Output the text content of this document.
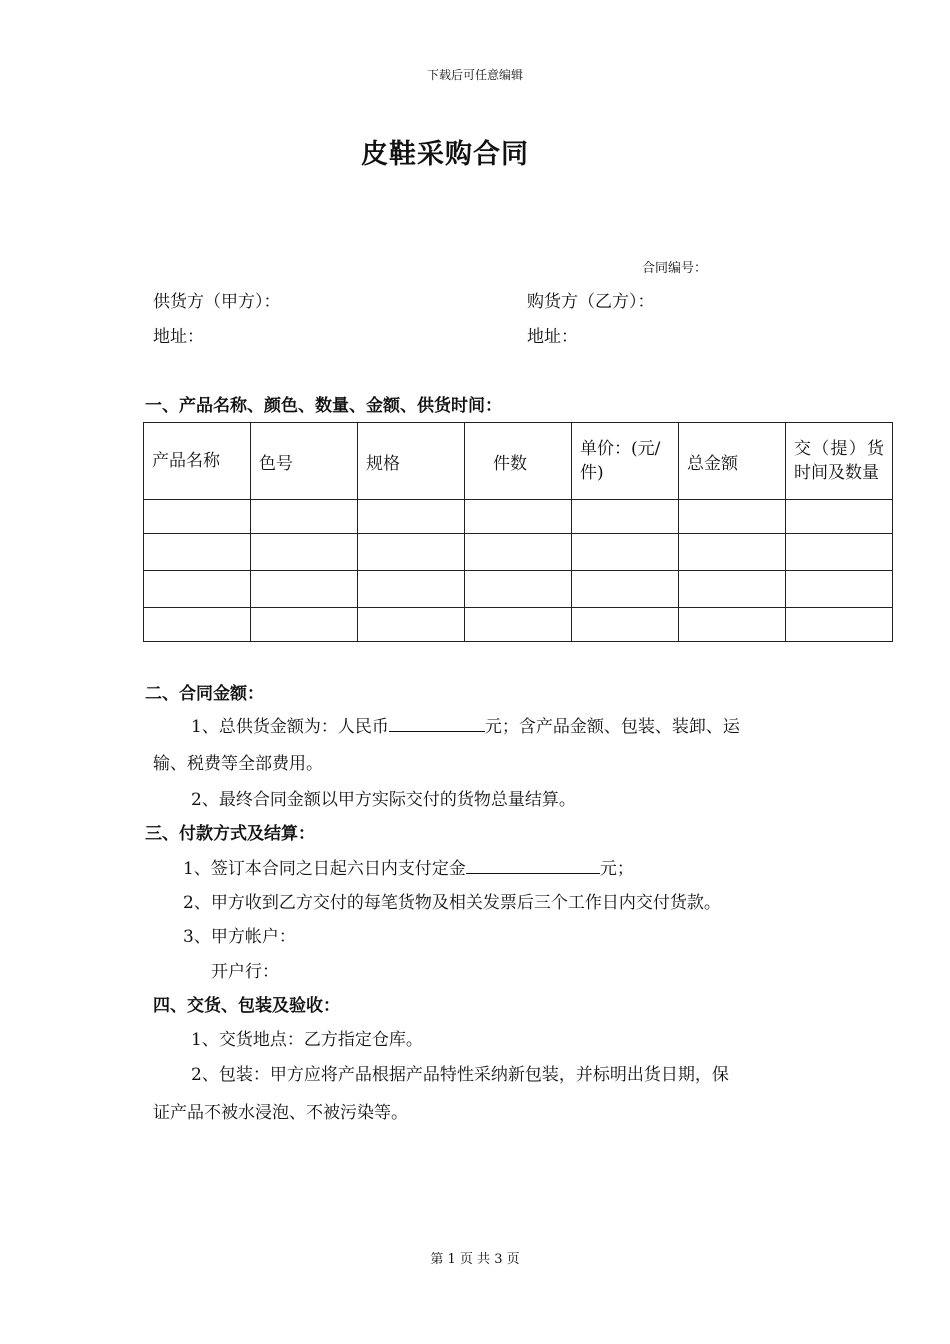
下载后可任意编辑
皮鞋采购合同
合同编号：
供货方（甲方）：	购货方（乙方）：
地址：	地址：
一、产品名称、颜色、数量、金额、供货时间：
产品名称	色号	规格	件数	单价：(元/件)	总金额	交（提）货时间及数量

二、合同金额：
1、总供货金额为：人民币	元；含产品金额、包装、装卸、运
输、税费等全部费用。
2、最终合同金额以甲方实际交付的货物总量结算。
三、付款方式及结算：
1、签订本合同之日起六日内支付定金	元；
2、甲方收到乙方交付的每笔货物及相关发票后三个工作日内交付货款。
3、甲方帐户：
开户行：
四、交货、包装及验收：
1、交货地点：乙方指定仓库。
2、包装：甲方应将产品根据产品特性采纳新包装，并标明出货日期，保
证产品不被水浸泡、不被污染等。
第 1 页 共 3 页
